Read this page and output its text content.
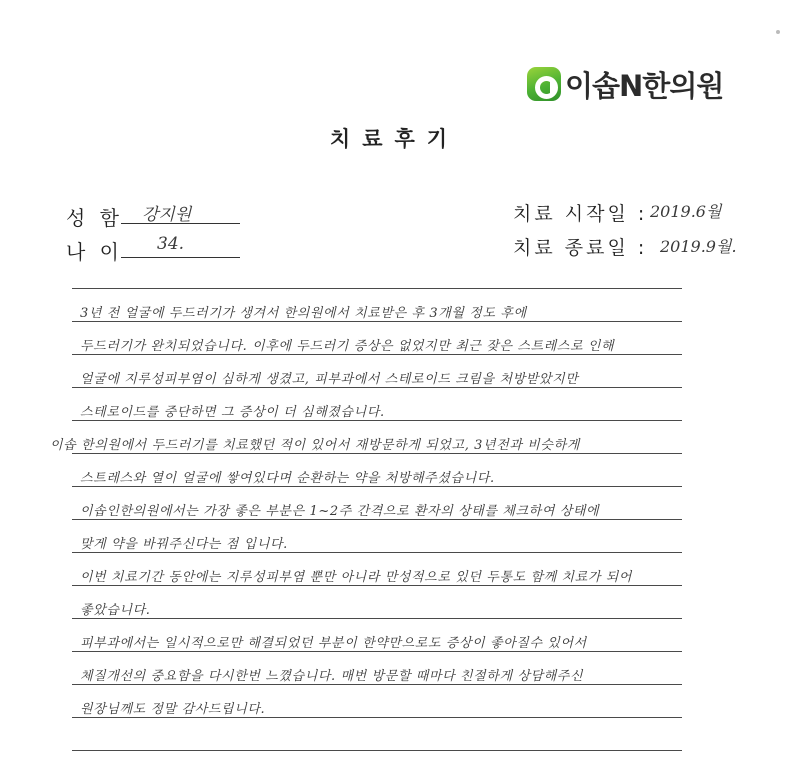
이솝N한의원
치료후기
성 함 강지원
나 이 34.
치료 시작일 : 2019.6월
치료 종료일 : 2019.9월.
3년 전 얼굴에 두드러기가 생겨서 한의원에서 치료받은 후 3개월 정도 후에
두드러기가 완치되었습니다. 이후에 두드러기 증상은 없었지만 최근 잦은 스트레스로 인해
얼굴에 지루성피부염이 심하게 생겼고, 피부과에서 스테로이드 크림을 처방받았지만
스테로이드를 중단하면 그 증상이 더 심해졌습니다.
이솝 한의원에서 두드러기를 치료했던 적이 있어서 재방문하게 되었고, 3년전과 비슷하게
스트레스와 열이 얼굴에 쌓여있다며 순환하는 약을 처방해주셨습니다.
이솝인한의원에서는 가장 좋은 부분은 1~2주 간격으로 환자의 상태를 체크하여 상태에
맞게 약을 바꿔주신다는 점 입니다.
이번 치료기간 동안에는 지루성피부염 뿐만 아니라 만성적으로 있던 두통도 함께 치료가 되어
좋았습니다.
피부과에서는 일시적으로만 해결되었던 부분이 한약만으로도 증상이 좋아질수 있어서
체질개선의 중요함을 다시한번 느꼈습니다. 매번 방문할 때마다 친절하게 상담해주신
원장님께도 정말 감사드립니다.
